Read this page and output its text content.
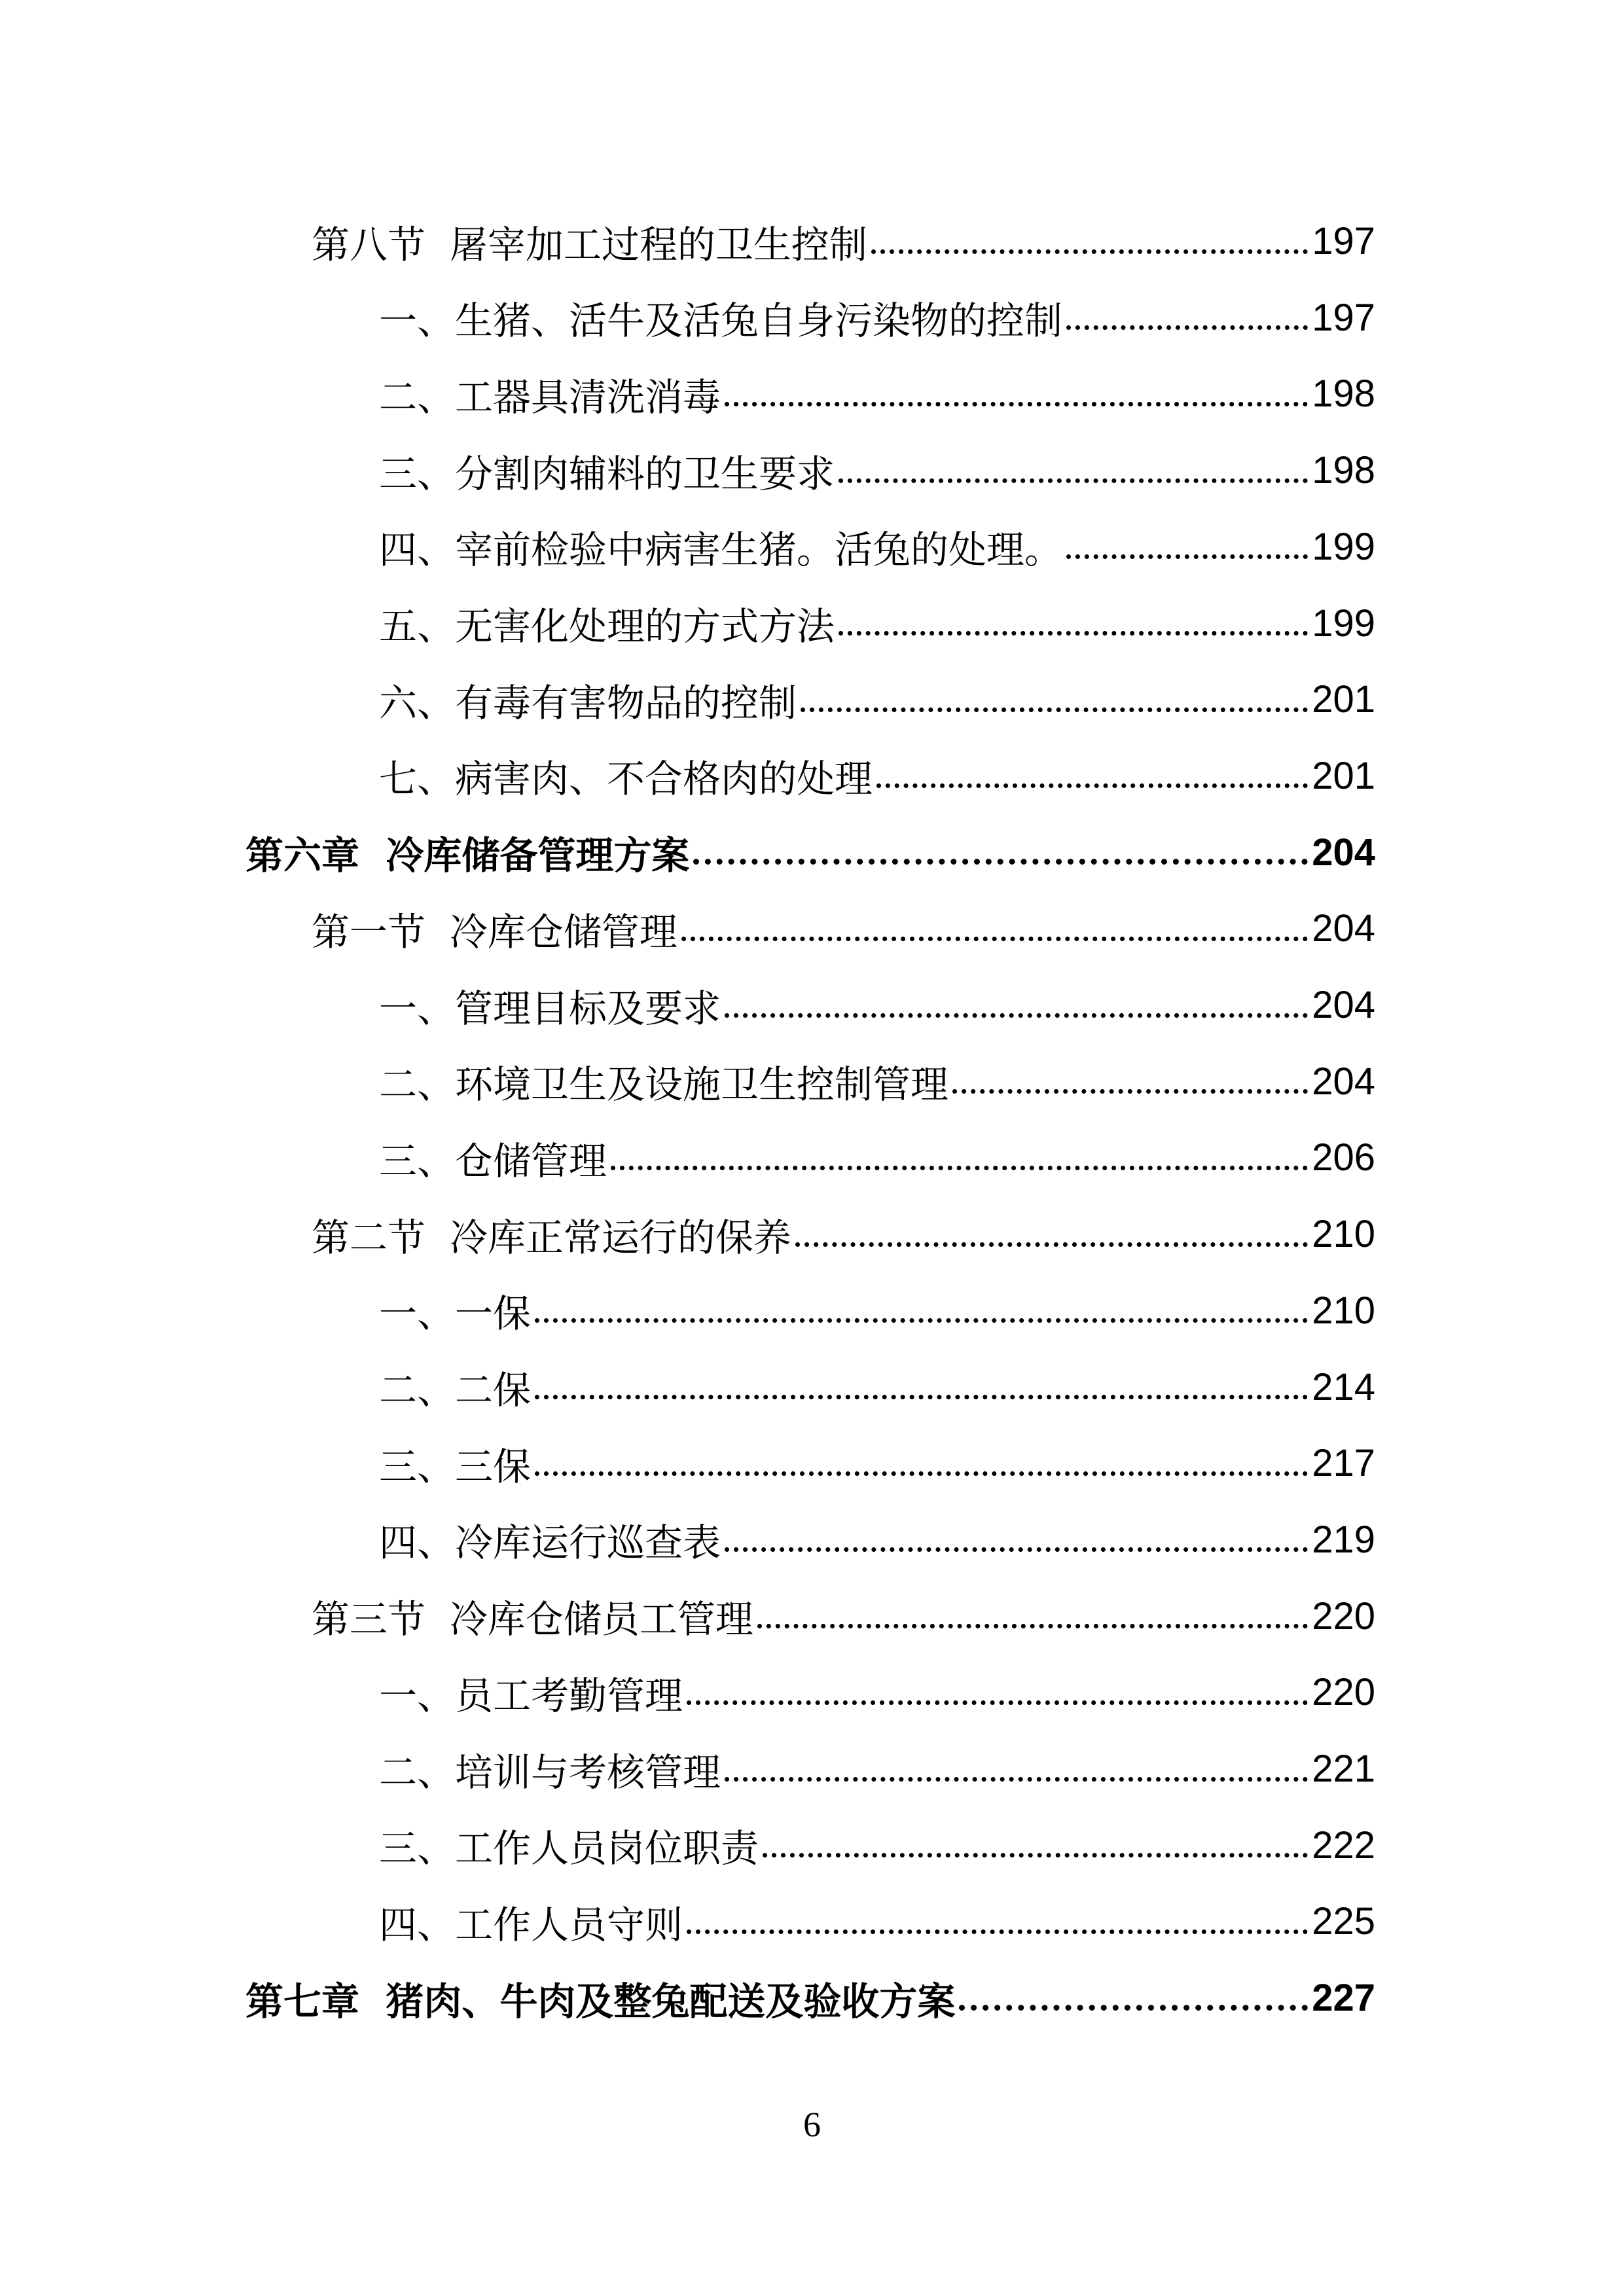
第八节  屠宰加工过程的卫生控制	197
一、生猪、活牛及活兔自身污染物的控制	197
二、工器具清洗消毒	198
三、分割肉辅料的卫生要求	198
四、宰前检验中病害生猪。活兔的处理。	199
五、无害化处理的方式方法	199
六、有毒有害物品的控制	201
七、病害肉、不合格肉的处理	201
第六章  冷库储备管理方案	204
第一节  冷库仓储管理	204
一、管理目标及要求	204
二、环境卫生及设施卫生控制管理	204
三、仓储管理	206
第二节  冷库正常运行的保养	210
一、一保	210
二、二保	214
三、三保	217
四、冷库运行巡查表	219
第三节  冷库仓储员工管理	220
一、员工考勤管理	220
二、培训与考核管理	221
三、工作人员岗位职责	222
四、工作人员守则	225
第七章  猪肉、牛肉及整兔配送及验收方案	227
6
